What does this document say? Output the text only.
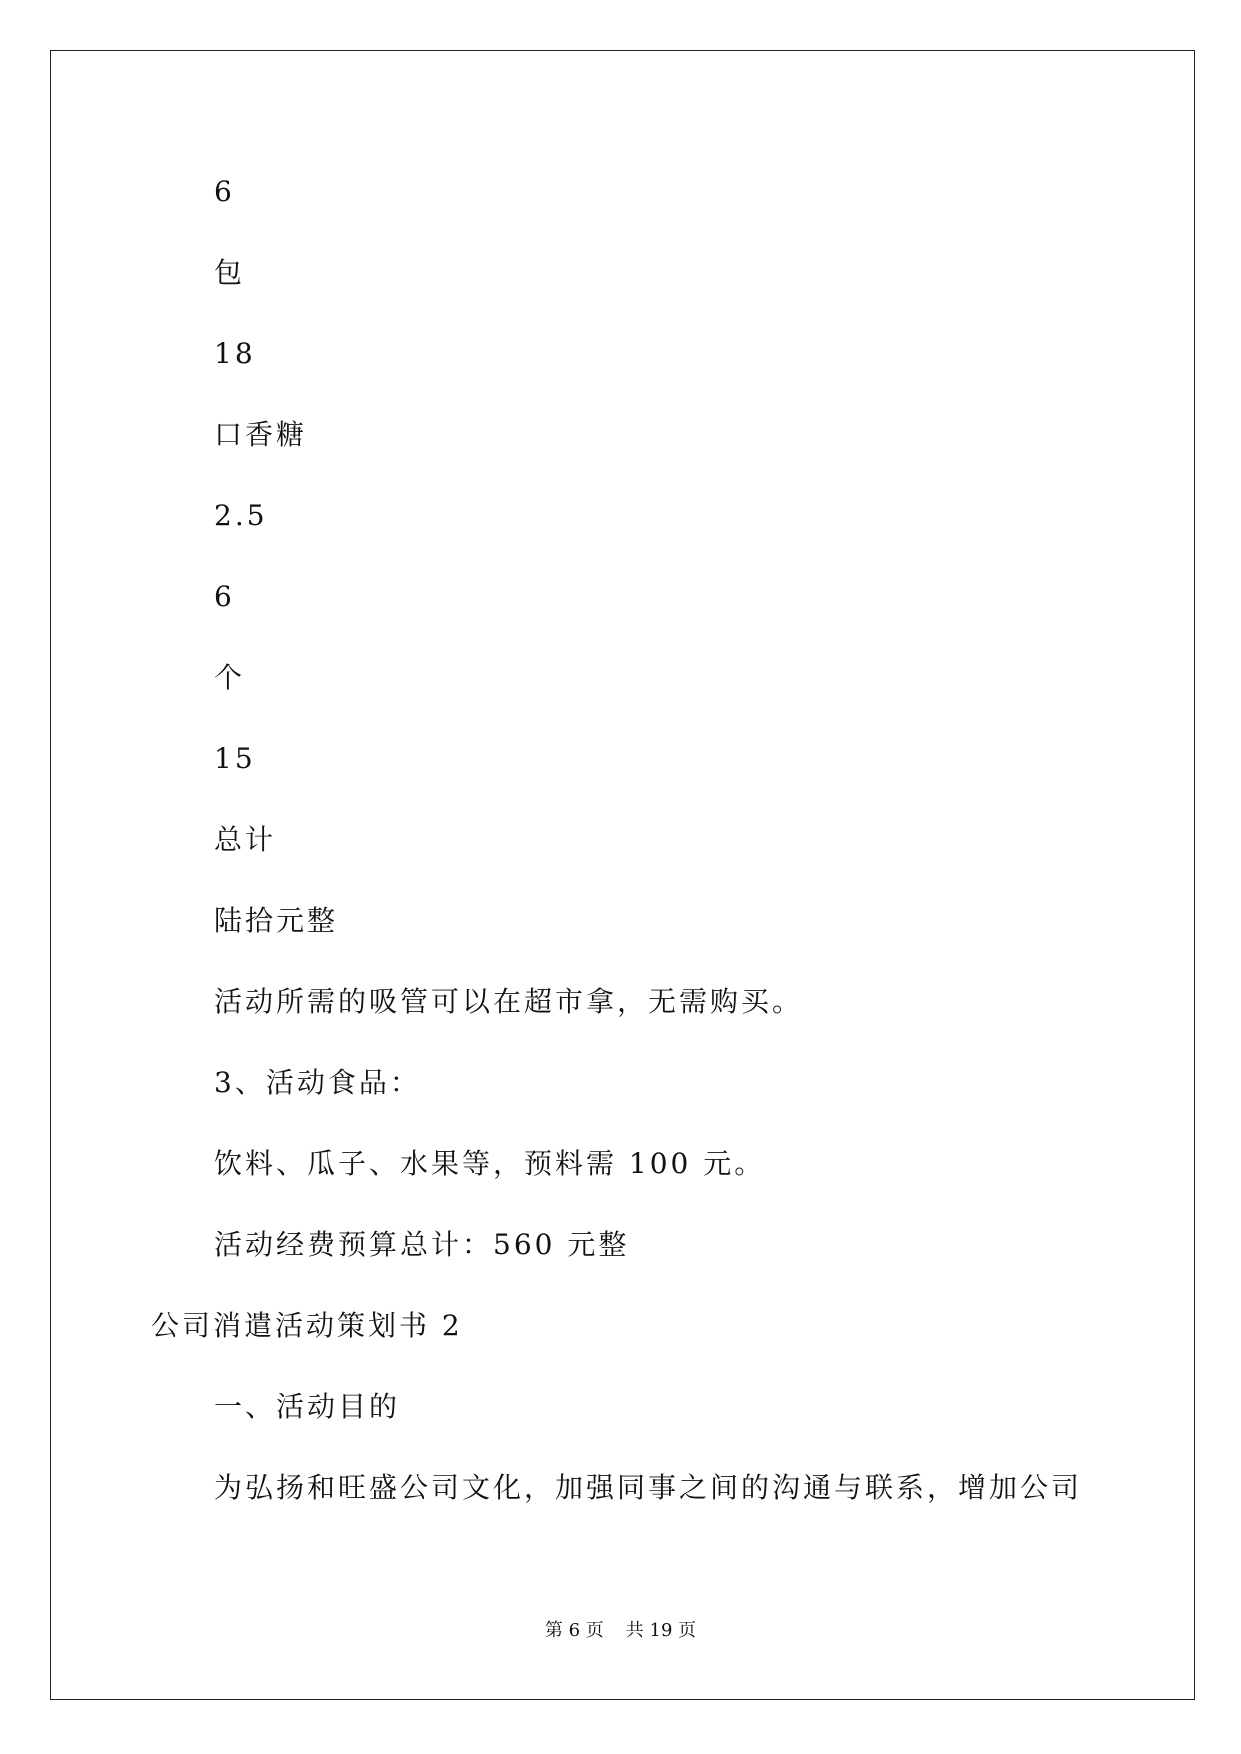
6
包
18
口香糖
2.5
6
个
15
总计
陆拾元整
活动所需的吸管可以在超市拿，无需购买。
3、活动食品：
饮料、瓜子、水果等，预料需 100 元。
活动经费预算总计：560 元整
公司消遣活动策划书 2
一、活动目的
为弘扬和旺盛公司文化，加强同事之间的沟通与联系，增加公司
第 6 页 共 19 页
